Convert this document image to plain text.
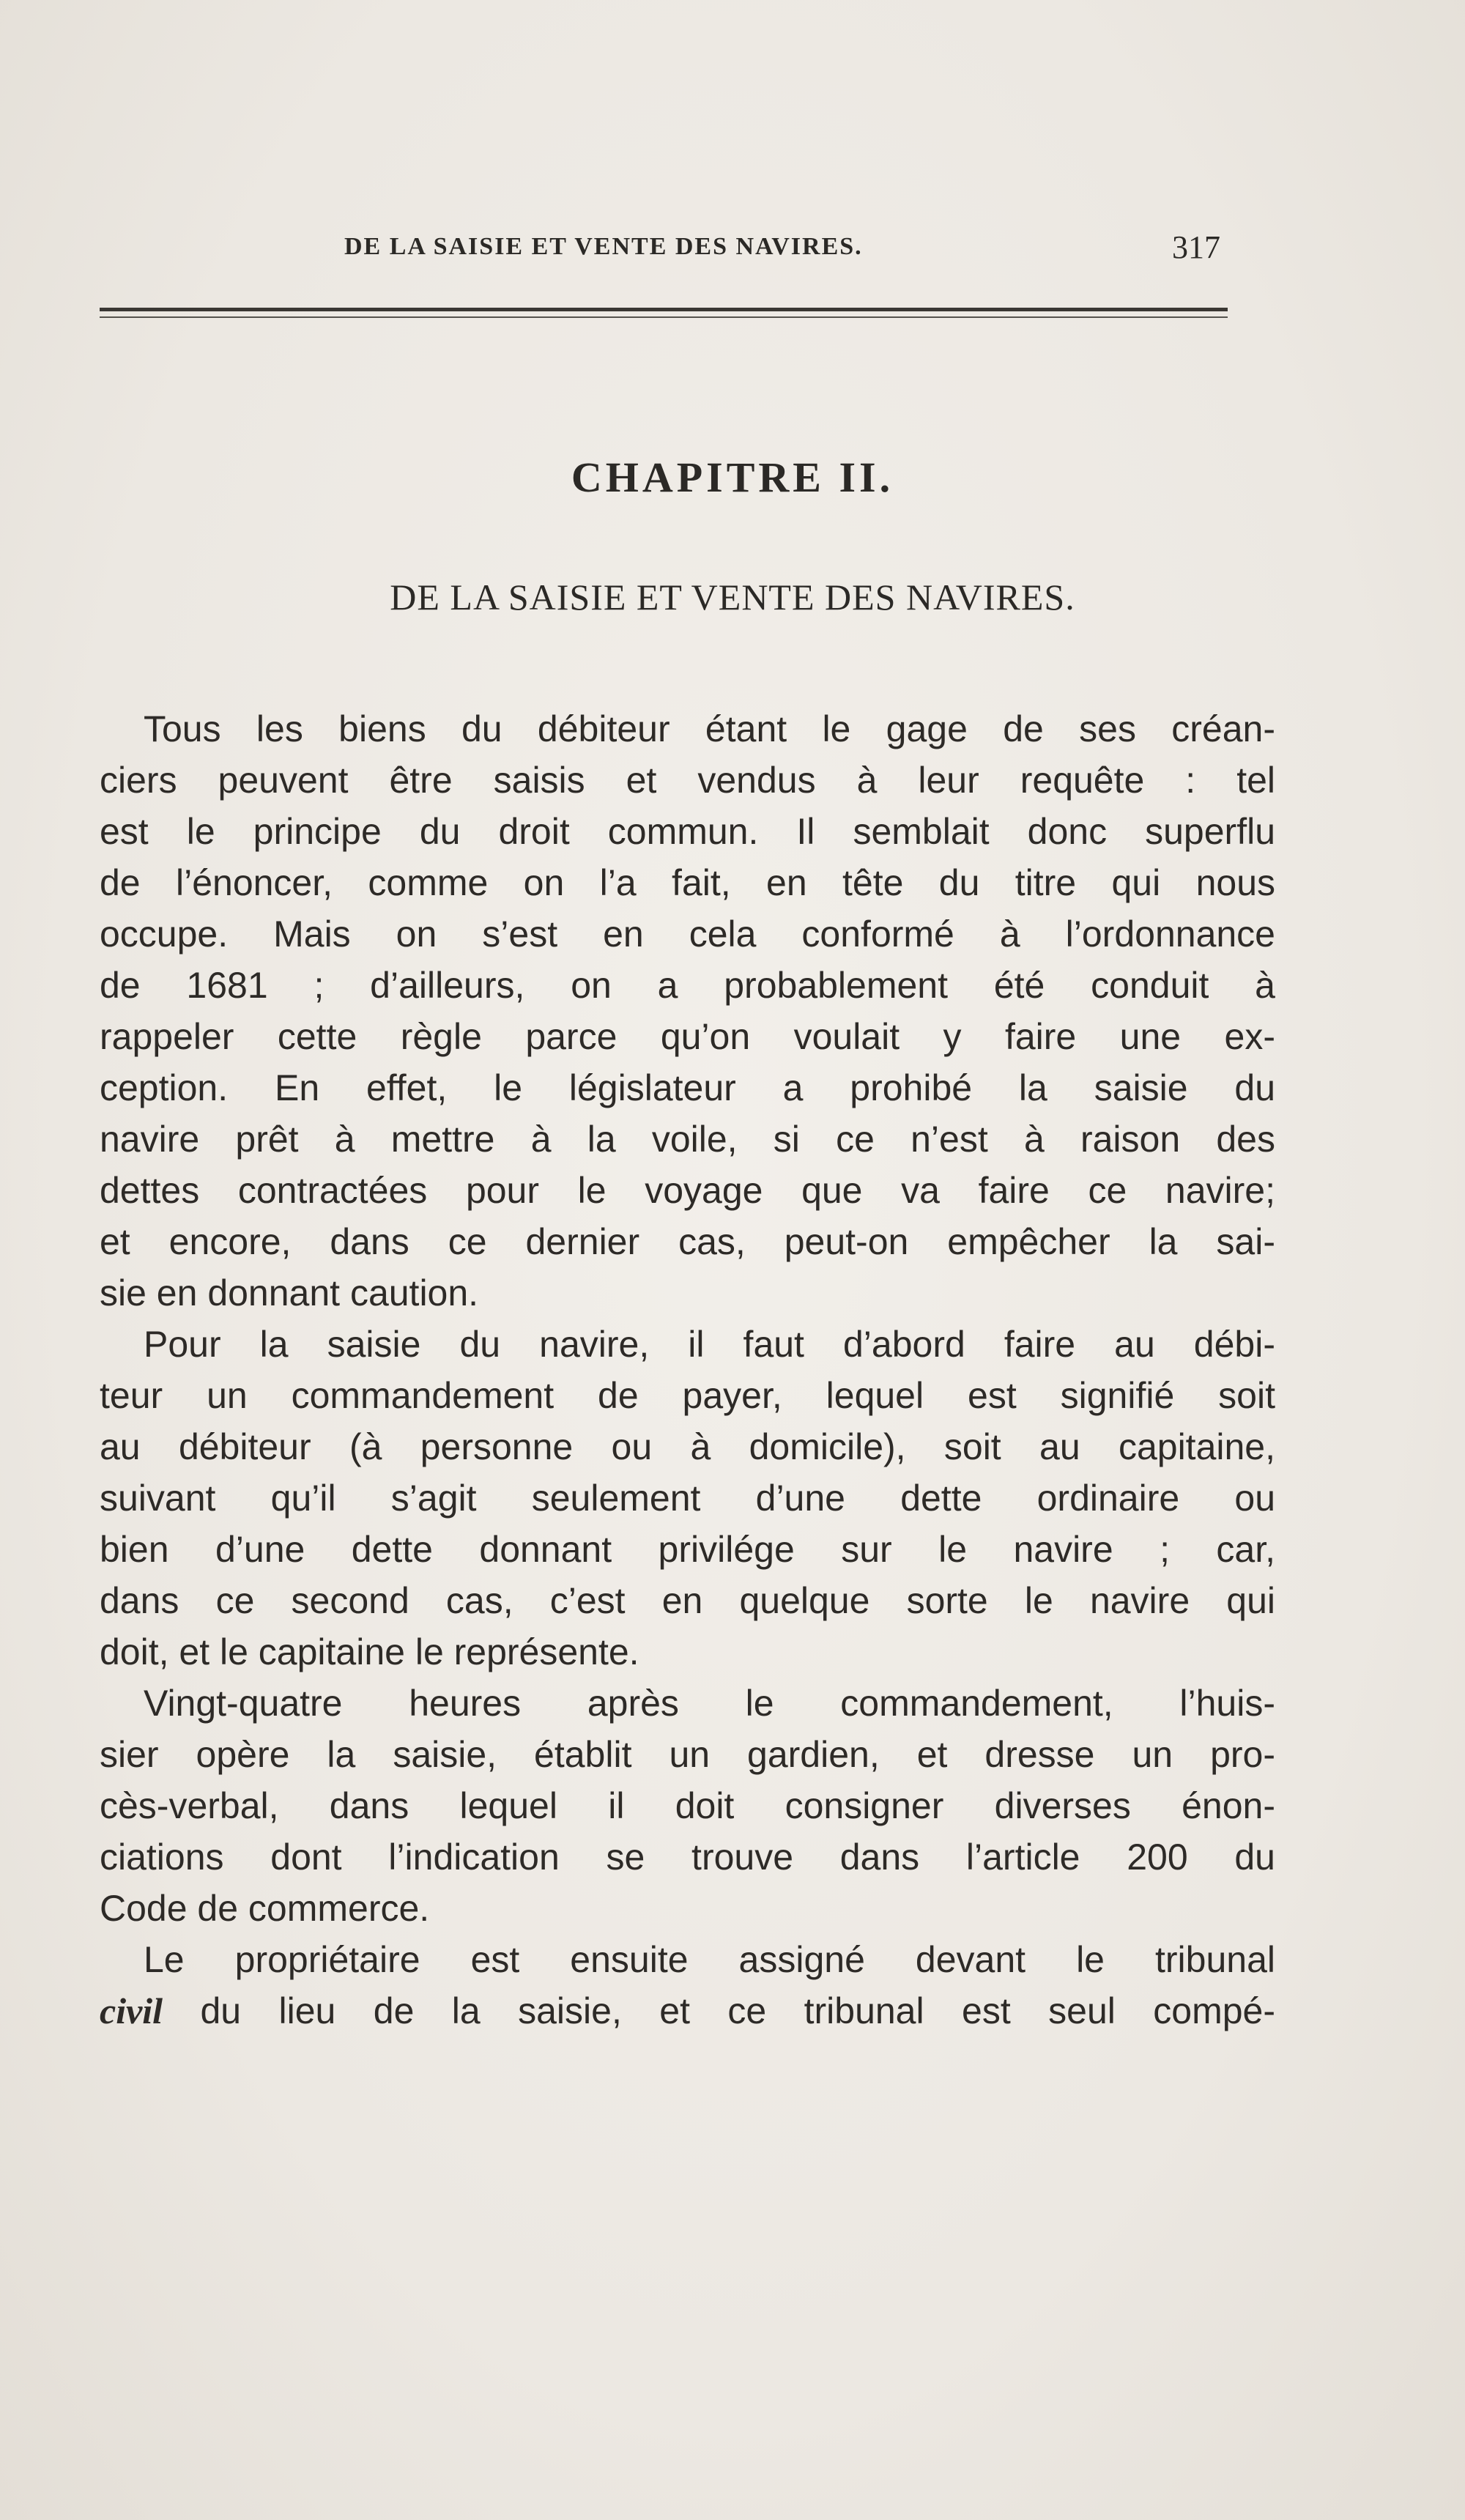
DE LA SAISIE ET VENTE DES NAVIRES.	317
CHAPITRE II.
DE LA SAISIE ET VENTE DES NAVIRES.
Tous les biens du débiteur étant le gage de ses créan-
ciers peuvent être saisis et vendus à leur requête : tel
est le principe du droit commun. Il semblait donc superflu
de l’énoncer, comme on l’a fait, en tête du titre qui nous
occupe. Mais on s’est en cela conformé à l’ordonnance
de 1681 ; d’ailleurs, on a probablement été conduit à
rappeler cette règle parce qu’on voulait y faire une ex-
ception. En effet, le législateur a prohibé la saisie du
navire prêt à mettre à la voile, si ce n’est à raison des
dettes contractées pour le voyage que va faire ce navire;
et encore, dans ce dernier cas, peut-on empêcher la sai-
sie en donnant caution.
Pour la saisie du navire, il faut d’abord faire au débi-
teur un commandement de payer, lequel est signifié soit
au débiteur (à personne ou à domicile), soit au capitaine,
suivant qu’il s’agit seulement d’une dette ordinaire ou
bien d’une dette donnant privilége sur le navire ; car,
dans ce second cas, c’est en quelque sorte le navire qui
doit, et le capitaine le représente.
Vingt-quatre heures après le commandement, l’huis-
sier opère la saisie, établit un gardien, et dresse un pro-
cès-verbal, dans lequel il doit consigner diverses énon-
ciations dont l’indication se trouve dans l’article 200 du
Code de commerce.
Le propriétaire est ensuite assigné devant le tribunal
civil du lieu de la saisie, et ce tribunal est seul compé-
